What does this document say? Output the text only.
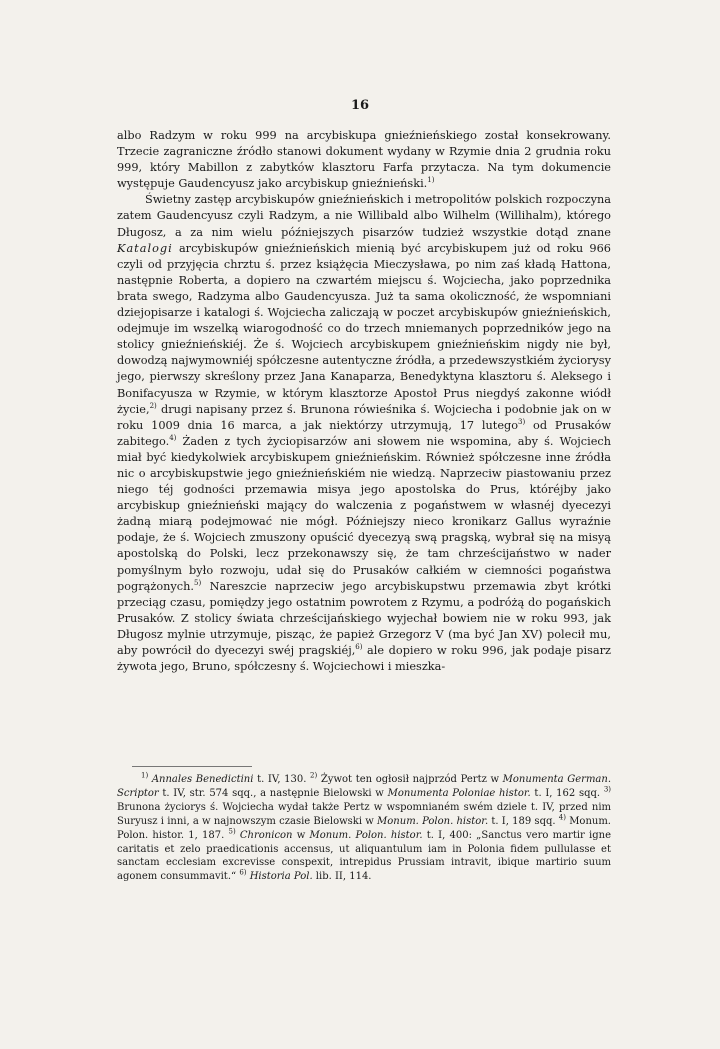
16

albo Radzym w roku 999 na arcybiskupa gnieźnieńskiego został konsekrowany. Trzecie zagraniczne źródło stanowi dokument wydany w Rzymie dnia 2 grudnia roku 999, który Mabillon z zabytków klasztoru Farfa przytacza. Na tym dokumencie występuje Gaudencyusz jako arcybiskup gnieźnieński.$^{1)}$

Świetny zastęp arcybiskupów gnieźnieńskich i metropolitów polskich rozpoczyna zatem Gaudencyusz czyli Radzym, a nie Willibald albo Wilhelm (Willihalm), którego Długosz, a za nim wielu późniejszych pisarzów tudzież wszystkie dotąd znane Katalogi arcybiskupów gnieźnieńskich mienią być arcybiskupem już od roku 966 czyli od przyjęcia chrztu ś. przez książęcia Mieczysława, po nim zaś kładą Hattona, następnie Roberta, a dopiero na czwartém miejscu ś. Wojciecha, jako poprzednika brata swego, Radzyma albo Gaudencyusza. Już ta sama okoliczność, że wspomniani dziejopisarze i katalogi ś. Wojciecha zaliczają w poczet arcybiskupów gnieźnieńskich, odejmuje im wszelką wiarogodność co do trzech mniemanych poprzedników jego na stolicy gnieźnieńskiéj. Że ś. Wojciech arcybiskupem gnieźnieńskim nigdy nie był, dowodzą najwymowniéj spółczesne autentyczne źródła, a przedewszystkiém życiorysy jego, pierwszy skreślony przez Jana Kanaparza, Benedyktyna klasztoru ś. Aleksego i Bonifacyusza w Rzymie, w którym klasztorze Apostoł Prus niegdyś zakonne wiódł życie,$^{2)}$ drugi napisany przez ś. Brunona rówieśnika ś. Wojciecha i podobnie jak on w roku 1009 dnia 16 marca, a jak niektórzy utrzymują, 17 lutego$^{3)}$ od Prusaków zabitego.$^{4)}$ Żaden z tych życiopisarzów ani słowem nie wspomina, aby ś. Wojciech miał być kiedykolwiek arcybiskupem gnieźnieńskim. Również spółczesne inne źródła nic o arcybiskupstwie jego gnieźnieńskiém nie wiedzą. Naprzeciw piastowaniu przez niego téj godności przemawia misya jego apostolska do Prus, któréjby jako arcybiskup gnieźnieński mający do walczenia z pogaństwem w własnéj dyecezyi żadną miarą podejmować nie mógł. Późniejszy nieco kronikarz Gallus wyraźnie podaje, że ś. Wojciech zmuszony opuścić dyecezyą swą pragską, wybrał się na misyą apostolską do Polski, lecz przekonawszy się, że tam chrześcijaństwo w nader pomyślnym było rozwoju, udał się do Prusaków całkiém w ciemności pogaństwa pogrążonych.$^{5)}$ Nareszcie naprzeciw jego arcybiskupstwu przemawia zbyt krótki przeciąg czasu, pomiędzy jego ostatnim powrotem z Rzymu, a podróżą do pogańskich Prusaków. Z stolicy świata chrześcijańskiego wyjechał bowiem nie w roku 993, jak Długosz mylnie utrzymuje, pisząc, że papież Grzegorz V (ma być Jan XV) polecił mu, aby powrócił do dyecezyi swéj pragskiéj,$^{6)}$ ale dopiero w roku 996, jak podaje pisarz żywota jego, Bruno, spółczesny ś. Wojciechowi i mieszka-

$^{1)}$ Annales Benedictini t. IV, 130. $^{2)}$ Żywot ten ogłosił najprzód Pertz w Monumenta German. Scriptor t. IV, str. 574 sqq., a następnie Bielowski w Monumenta Poloniae histor. t. I, 162 sqq. $^{3)}$ Brunona życiorys ś. Wojciecha wydał także Pertz w wspomnianém swém dziele t. IV, przed nim Suryusz i inni, a w najnowszym czasie Bielowski w Monum. Polon. histor. t. I, 189 sqq. $^{4)}$ Monum. Polon. histor. 1, 187. $^{5)}$ Chronicon w Monum. Polon. histor. t. I, 400: „Sanctus vero martir igne caritatis et zelo praedicationis accensus, ut aliquantulum iam in Polonia fidem pullulasse et sanctam ecclesiam excrevisse conspexit, intrepidus Prussiam intravit, ibique martirio suum agonem consummavit.“ $^{6)}$ Historia Pol. lib. II, 114.
